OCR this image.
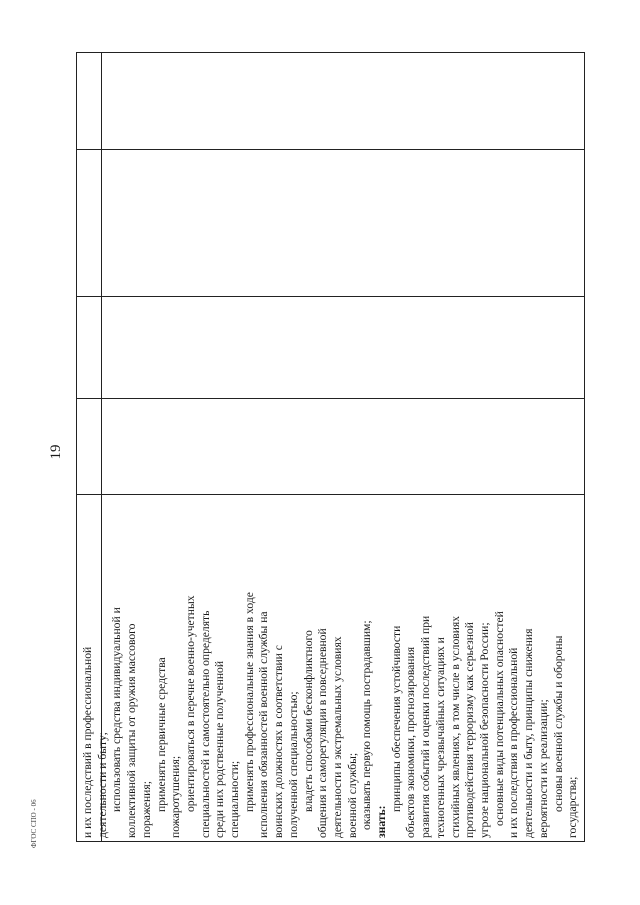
19
ФГОС СПО - 06	и их последствий в профессиональной деятельности и быту; использовать средства индивидуальной и коллективной защиты от оружия массового поражения; применять первичные средства пожаротушения; ориентироваться в перечне военно-учетных специальностей и самостоятельно определять среди них родственные полученной специальности; применять профессиональные знания в ходе исполнения обязанностей военной службы на воинских должностях в соответствии с полученной специальностью; владеть способами бесконфликтного общения и саморегуляции в повседневной деятельности и экстремальных условиях военной службы; оказывать первую помощь пострадавшим; знать:

принципы обеспечения устойчивости объектов экономики, прогнозирования развития событий и оценки последствий при техногенных чрезвычайных ситуациях и стихийных явлениях, в том числе в условиях противодействия терроризму как серьезной угрозе национальной безопасности России; основные виды потенциальных опасностей и их последствия в профессиональной деятельности и быту, принципы снижения вероятности их реализации; основы военной службы и обороны государства;
